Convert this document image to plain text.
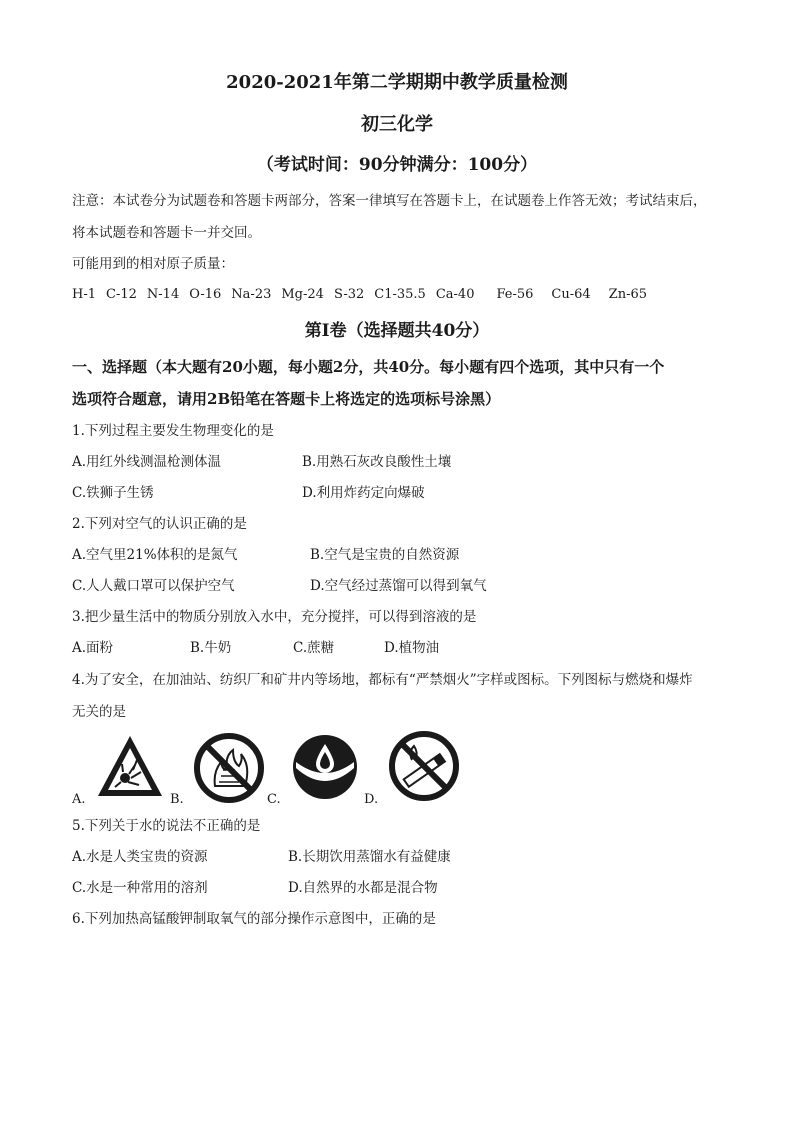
2020-2021年第二学期期中教学质量检测
初三化学
（考试时间：90分钟满分：100分）
注意：本试卷分为试题卷和答题卡两部分，答案一律填写在答题卡上，在试题卷上作答无效；考试结束后，
将本试题卷和答题卡一并交回。
可能用到的相对原子质量：
H-1 C-12 N-14 O-16 Na-23 Mg-24 S-32 C1-35.5 Ca-40 Fe-56 Cu-64 Zn-65
第Ⅰ卷（选择题共40分）
一、选择题（本大题有20小题，每小题2分，共40分。每小题有四个选项，其中只有一个
选项符合题意，请用2B铅笔在答题卡上将选定的选项标号涂黑）
1.下列过程主要发生物理变化的是
A.用红外线测温枪测体温	B.用熟石灰改良酸性土壤
C.铁狮子生锈	D.利用炸药定向爆破
2.下列对空气的认识正确的是
A.空气里21%体积的是氮气	B.空气是宝贵的自然资源
C.人人戴口罩可以保护空气	D.空气经过蒸馏可以得到氧气
3.把少量生活中的物质分别放入水中，充分搅拌，可以得到溶液的是
A.面粉	B.牛奶	C.蔗糖	D.植物油
4.为了安全，在加油站、纺织厂和矿井内等场地，都标有“严禁烟火”字样或图标。下列图标与燃烧和爆炸
无关的是
A.	B.	C.	D.
5.下列关于水的说法不正确的是
A.水是人类宝贵的资源	B.长期饮用蒸馏水有益健康
C.水是一种常用的溶剂	D.自然界的水都是混合物
6.下列加热高锰酸钾制取氧气的部分操作示意图中，正确的是
